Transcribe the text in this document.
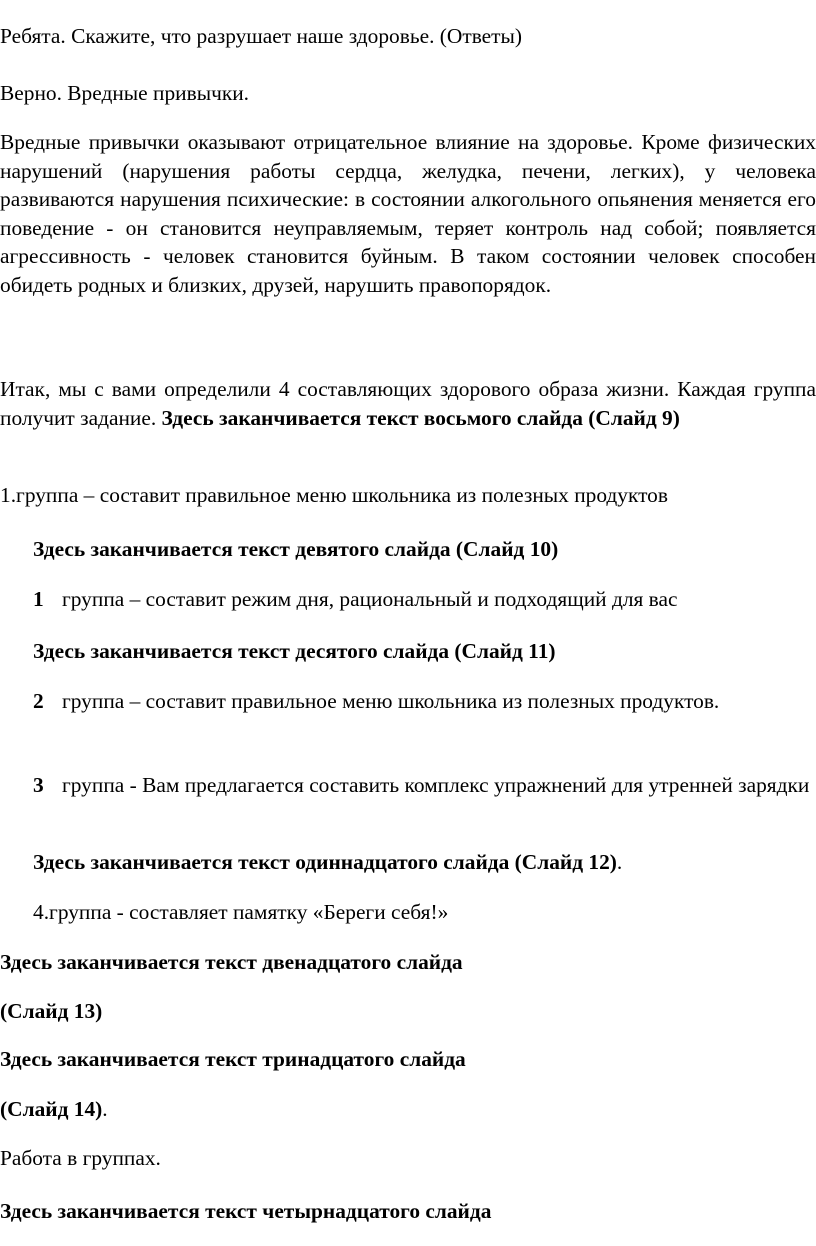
Ребята. Скажите, что разрушает наше здоровье. (Ответы)

Верно. Вредные привычки.

Вредные привычки оказывают отрицательное влияние на здоровье. Кроме физических нарушений (нарушения работы сердца, желудка, печени, легких), у человека развиваются нарушения психические: в состоянии алкогольного опьянения меняется его поведение - он становится неуправляемым, теряет контроль над собой; появляется агрессивность - человек становится буйным. В таком состоянии человек способен обидеть родных и близких, друзей, нарушить правопорядок.

Итак, мы с вами определили 4 составляющих здорового образа жизни. Каждая группа получит задание. Здесь заканчивается текст восьмого слайда (Слайд 9)

1.группа – составит правильное меню школьника из полезных продуктов

Здесь заканчивается текст девятого слайда (Слайд 10)

1 группа – составит режим дня, рациональный и подходящий для вас

Здесь заканчивается текст десятого слайда (Слайд 11)

2 группа – составит правильное меню школьника из полезных продуктов.

3 группа - Вам предлагается составить комплекс упражнений для утренней зарядки

Здесь заканчивается текст одиннадцатого слайда (Слайд 12).

4.группа - составляет памятку «Береги себя!»

Здесь заканчивается текст двенадцатого слайда

(Слайд 13)

Здесь заканчивается текст тринадцатого слайда

(Слайд 14).

Работа в группах.

Здесь заканчивается текст четырнадцатого слайда
